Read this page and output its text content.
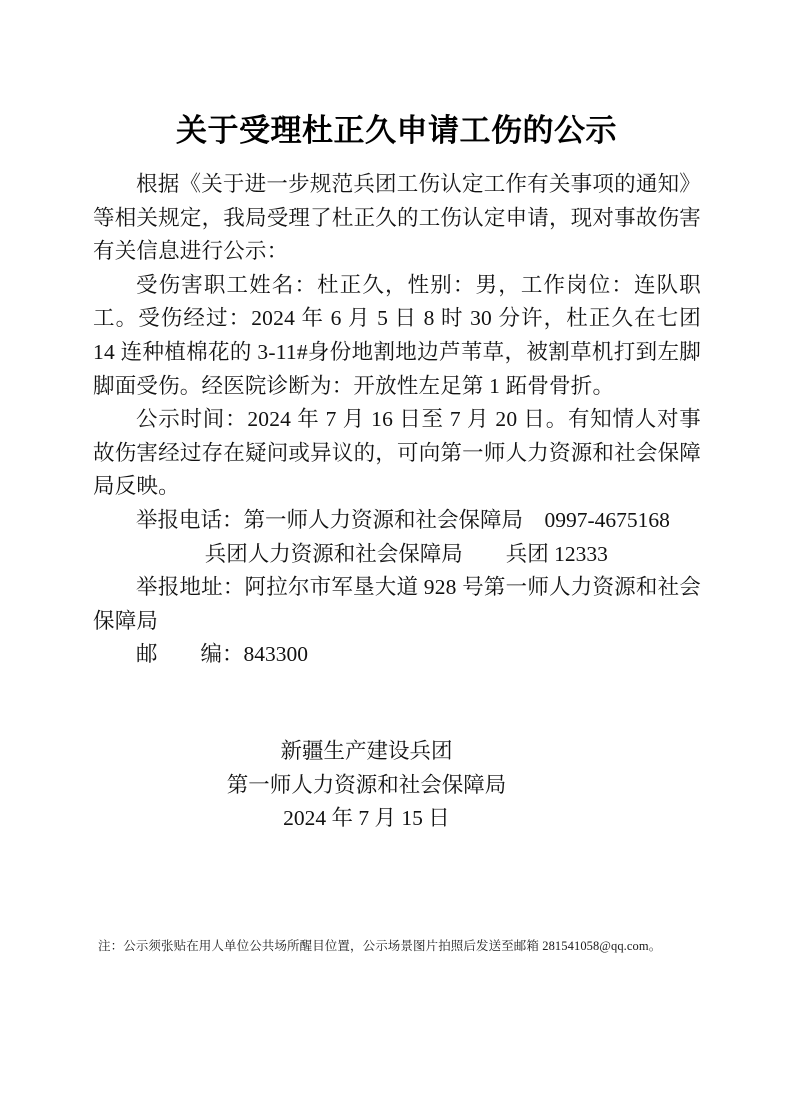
关于受理杜正久申请工伤的公示

根据《关于进一步规范兵团工伤认定工作有关事项的通知》等相关规定，我局受理了杜正久的工伤认定申请，现对事故伤害有关信息进行公示：

受伤害职工姓名：杜正久，性别：男，工作岗位：连队职工。受伤经过：2024 年 6 月 5 日 8 时 30 分许，杜正久在七团 14 连种植棉花的 3-11#身份地割地边芦苇草，被割草机打到左脚脚面受伤。经医院诊断为：开放性左足第 1 跖骨骨折。

公示时间：2024 年 7 月 16 日至 7 月 20 日。有知情人对事故伤害经过存在疑问或异议的，可向第一师人力资源和社会保障局反映。

举报电话：第一师人力资源和社会保障局　0997-4675168

兵团人力资源和社会保障局　　兵团 12333

举报地址：阿拉尔市军垦大道 928 号第一师人力资源和社会保障局

邮　　编：843300

新疆生产建设兵团

第一师人力资源和社会保障局

2024 年 7 月 15 日

注：公示须张贴在用人单位公共场所醒目位置，公示场景图片拍照后发送至邮箱 281541058@qq.com。
